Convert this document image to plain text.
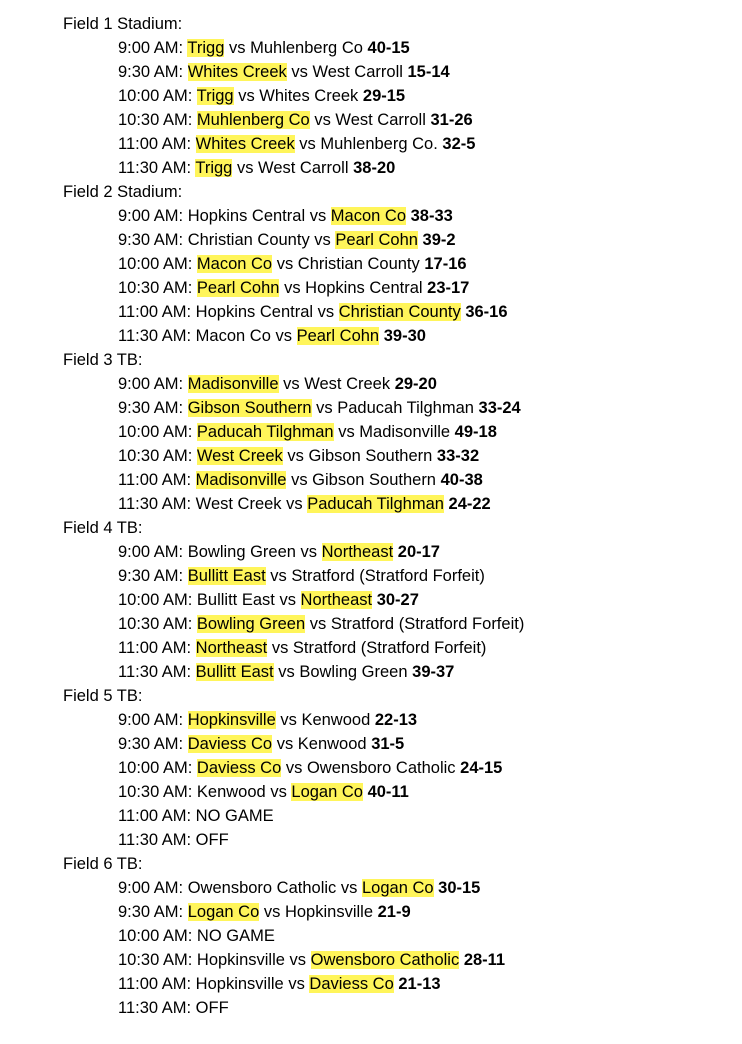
Field 1 Stadium:
9:00 AM: Trigg vs Muhlenberg Co 40-15
9:30 AM: Whites Creek vs West Carroll 15-14
10:00 AM: Trigg vs Whites Creek 29-15
10:30 AM: Muhlenberg Co vs West Carroll 31-26
11:00 AM: Whites Creek vs Muhlenberg Co. 32-5
11:30 AM: Trigg vs West Carroll 38-20
Field 2 Stadium:
9:00 AM: Hopkins Central vs Macon Co 38-33
9:30 AM: Christian County vs Pearl Cohn 39-2
10:00 AM: Macon Co vs Christian County 17-16
10:30 AM: Pearl Cohn vs Hopkins Central 23-17
11:00 AM: Hopkins Central vs Christian County 36-16
11:30 AM: Macon Co vs Pearl Cohn 39-30
Field 3 TB:
9:00 AM: Madisonville vs West Creek 29-20
9:30 AM: Gibson Southern vs Paducah Tilghman 33-24
10:00 AM: Paducah Tilghman vs Madisonville 49-18
10:30 AM: West Creek vs Gibson Southern 33-32
11:00 AM: Madisonville vs Gibson Southern 40-38
11:30 AM: West Creek vs Paducah Tilghman 24-22
Field 4 TB:
9:00 AM: Bowling Green vs Northeast 20-17
9:30 AM: Bullitt East vs Stratford (Stratford Forfeit)
10:00 AM: Bullitt East vs Northeast 30-27
10:30 AM: Bowling Green vs Stratford (Stratford Forfeit)
11:00 AM: Northeast vs Stratford (Stratford Forfeit)
11:30 AM: Bullitt East vs Bowling Green 39-37
Field 5 TB:
9:00 AM: Hopkinsville vs Kenwood 22-13
9:30 AM: Daviess Co vs Kenwood 31-5
10:00 AM: Daviess Co vs Owensboro Catholic 24-15
10:30 AM: Kenwood vs Logan Co 40-11
11:00 AM: NO GAME
11:30 AM: OFF
Field 6 TB:
9:00 AM: Owensboro Catholic vs Logan Co 30-15
9:30 AM: Logan Co vs Hopkinsville 21-9
10:00 AM: NO GAME
10:30 AM: Hopkinsville vs Owensboro Catholic 28-11
11:00 AM: Hopkinsville vs Daviess Co 21-13
11:30 AM: OFF
